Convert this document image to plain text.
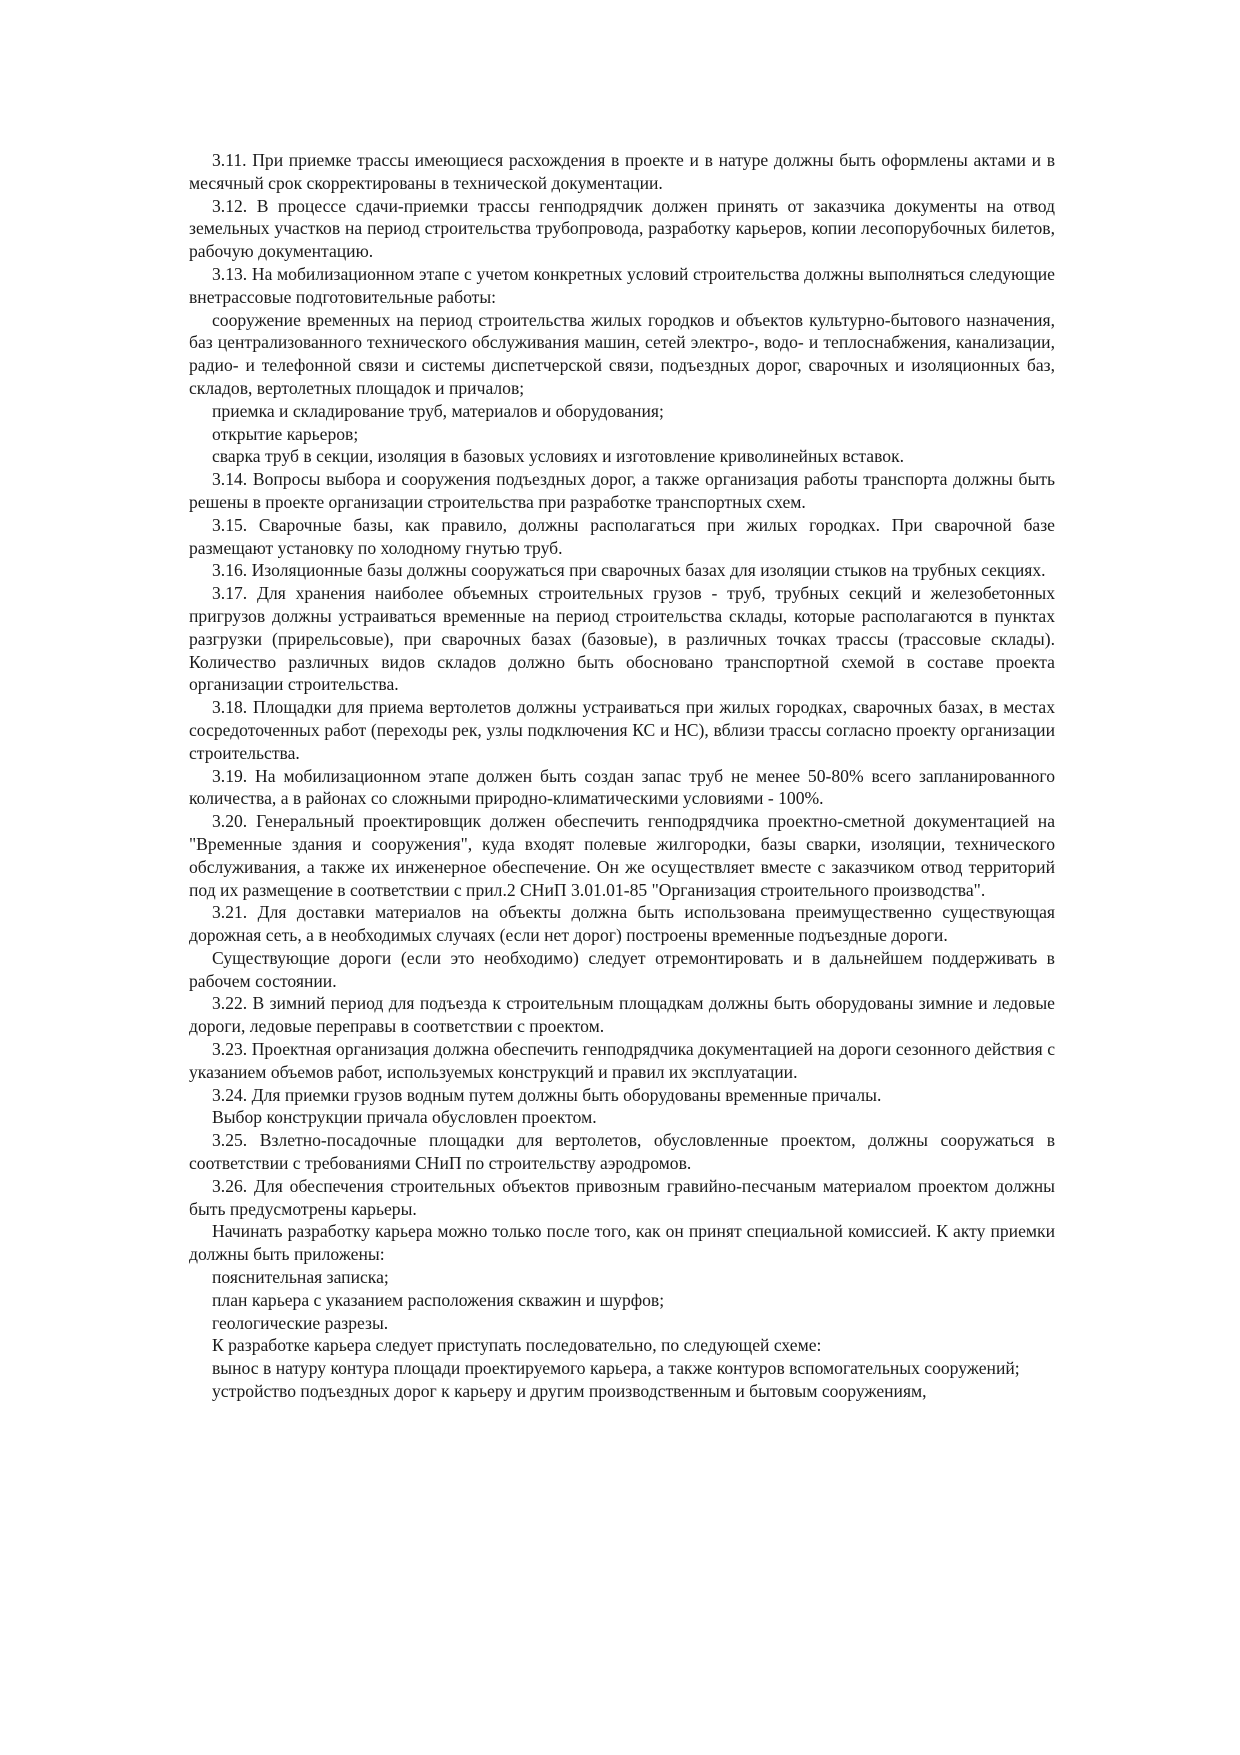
3.11. При приемке трассы имеющиеся расхождения в проекте и в натуре должны быть оформлены актами и в месячный срок скорректированы в технической документации.

3.12. В процессе сдачи-приемки трассы генподрядчик должен принять от заказчика документы на отвод земельных участков на период строительства трубопровода, разработку карьеров, копии лесопорубочных билетов, рабочую документацию.

3.13. На мобилизационном этапе с учетом конкретных условий строительства должны выполняться следующие внетрассовые подготовительные работы:

сооружение временных на период строительства жилых городков и объектов культурно-бытового назначения, баз централизованного технического обслуживания машин, сетей электро-, водо- и теплоснабжения, канализации, радио- и телефонной связи и системы диспетчерской связи, подъездных дорог, сварочных и изоляционных баз, складов, вертолетных площадок и причалов;

приемка и складирование труб, материалов и оборудования;

открытие карьеров;

сварка труб в секции, изоляция в базовых условиях и изготовление криволинейных вставок.

3.14. Вопросы выбора и сооружения подъездных дорог, а также организация работы транспорта должны быть решены в проекте организации строительства при разработке транспортных схем.

3.15. Сварочные базы, как правило, должны располагаться при жилых городках. При сварочной базе размещают установку по холодному гнутью труб.

3.16. Изоляционные базы должны сооружаться при сварочных базах для изоляции стыков на трубных секциях.

3.17. Для хранения наиболее объемных строительных грузов - труб, трубных секций и железобетонных пригрузов должны устраиваться временные на период строительства склады, которые располагаются в пунктах разгрузки (прирельсовые), при сварочных базах (базовые), в различных точках трассы (трассовые склады). Количество различных видов складов должно быть обосновано транспортной схемой в составе проекта организации строительства.

3.18. Площадки для приема вертолетов должны устраиваться при жилых городках, сварочных базах, в местах сосредоточенных работ (переходы рек, узлы подключения КС и НС), вблизи трассы согласно проекту организации строительства.

3.19. На мобилизационном этапе должен быть создан запас труб не менее 50-80% всего запланированного количества, а в районах со сложными природно-климатическими условиями - 100%.

3.20. Генеральный проектировщик должен обеспечить генподрядчика проектно-сметной документацией на "Временные здания и сооружения", куда входят полевые жилгородки, базы сварки, изоляции, технического обслуживания, а также их инженерное обеспечение. Он же осуществляет вместе с заказчиком отвод территорий под их размещение в соответствии с прил.2 СНиП 3.01.01-85 "Организация строительного производства".

3.21. Для доставки материалов на объекты должна быть использована преимущественно существующая дорожная сеть, а в необходимых случаях (если нет дорог) построены временные подъездные дороги.

Существующие дороги (если это необходимо) следует отремонтировать и в дальнейшем поддерживать в рабочем состоянии.

3.22. В зимний период для подъезда к строительным площадкам должны быть оборудованы зимние и ледовые дороги, ледовые переправы в соответствии с проектом.

3.23. Проектная организация должна обеспечить генподрядчика документацией на дороги сезонного действия с указанием объемов работ, используемых конструкций и правил их эксплуатации.

3.24. Для приемки грузов водным путем должны быть оборудованы временные причалы.

Выбор конструкции причала обусловлен проектом.

3.25. Взлетно-посадочные площадки для вертолетов, обусловленные проектом, должны сооружаться в соответствии с требованиями СНиП по строительству аэродромов.

3.26. Для обеспечения строительных объектов привозным гравийно-песчаным материалом проектом должны быть предусмотрены карьеры.

Начинать разработку карьера можно только после того, как он принят специальной комиссией. К акту приемки должны быть приложены:

пояснительная записка;

план карьера с указанием расположения скважин и шурфов;

геологические разрезы.

К разработке карьера следует приступать последовательно, по следующей схеме:

вынос в натуру контура площади проектируемого карьера, а также контуров вспомогательных сооружений;

устройство подъездных дорог к карьеру и другим производственным и бытовым сооружениям,
